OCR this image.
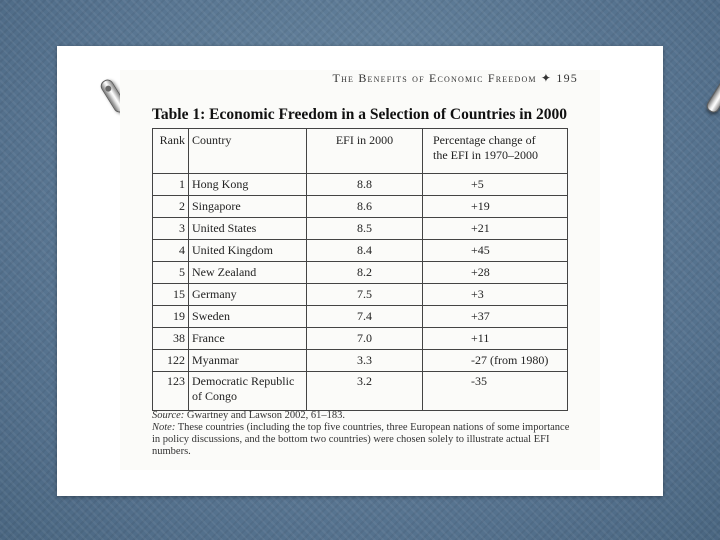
The Benefits of Economic Freedom ✦ 195
Table 1: Economic Freedom in a Selection of Countries in 2000
Rank	Country	EFI in 2000	Percentage change of
the EFI in 1970–2000
1	Hong Kong	8.8	+5
2	Singapore	8.6	+19
3	United States	8.5	+21
4	United Kingdom	8.4	+45
5	New Zealand	8.2	+28
15	Germany	7.5	+3
19	Sweden	7.4	+37
38	France	7.0	+11
122	Myanmar	3.3	-27 (from 1980)
123	Democratic Republic
of Congo	3.2	-35
Source: Gwartney and Lawson 2002, 61–183.
Note: These countries (including the top five countries, three European nations of some importance in policy discussions, and the bottom two countries) were chosen solely to illustrate actual EFI numbers.
